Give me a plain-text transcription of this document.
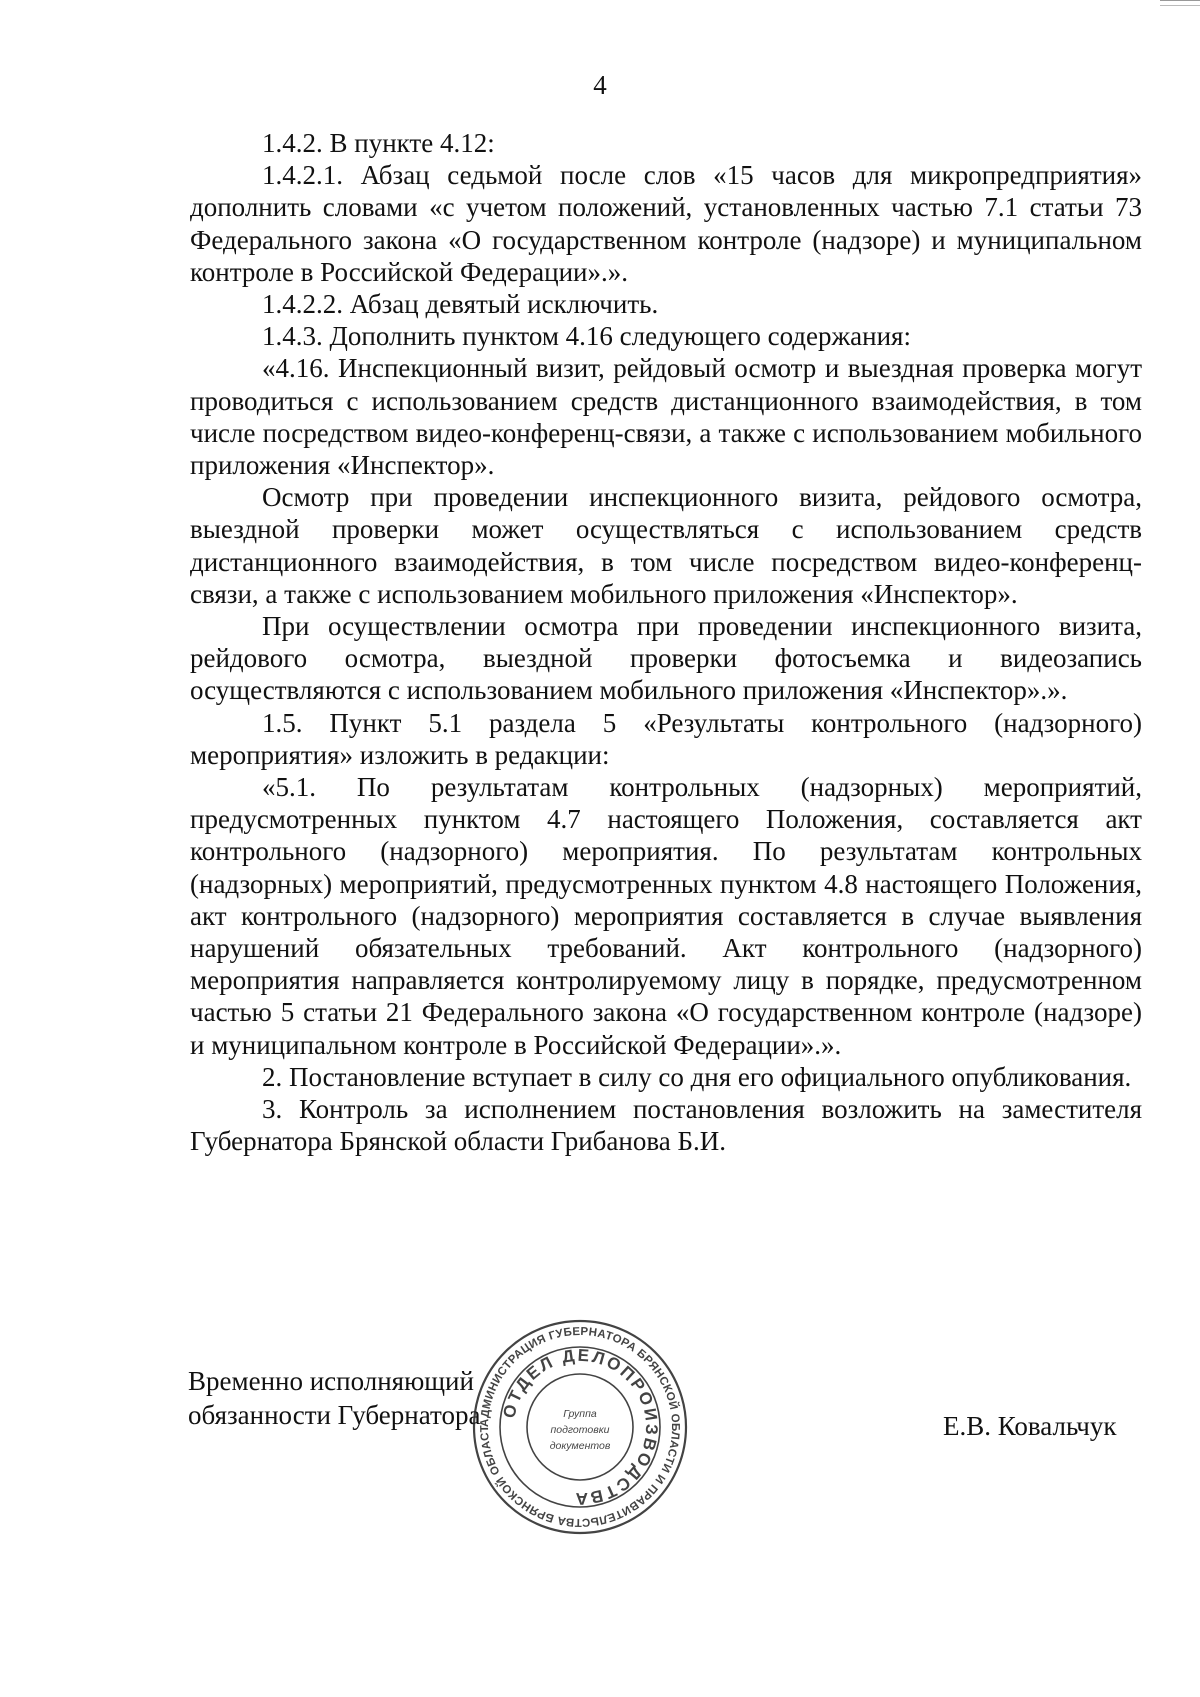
4

1.4.2. В пункте 4.12:

1.4.2.1. Абзац седьмой после слов «15 часов для микропредприятия» дополнить словами «с учетом положений, установленных частью 7.1 статьи 73 Федерального закона «О государственном контроле (надзоре) и муниципальном контроле в Российской Федерации».».

1.4.2.2. Абзац девятый исключить.

1.4.3. Дополнить пунктом 4.16 следующего содержания:

«4.16. Инспекционный визит, рейдовый осмотр и выездная проверка могут проводиться с использованием средств дистанционного взаимодействия, в том числе посредством видео-конференц-связи, а также с использованием мобильного приложения «Инспектор».

Осмотр при проведении инспекционного визита, рейдового осмотра, выездной проверки может осуществляться с использованием средств дистанционного взаимодействия, в том числе посредством видео-конференц-связи, а также с использованием мобильного приложения «Инспектор».

При осуществлении осмотра при проведении инспекционного визита, рейдового осмотра, выездной проверки фотосъемка и видеозапись осуществляются с использованием мобильного приложения «Инспектор».».

1.5. Пункт 5.1 раздела 5 «Результаты контрольного (надзорного) мероприятия» изложить в редакции:

«5.1. По результатам контрольных (надзорных) мероприятий, предусмотренных пунктом 4.7 настоящего Положения, составляется акт контрольного (надзорного) мероприятия. По результатам контрольных (надзорных) мероприятий, предусмотренных пунктом 4.8 настоящего Положения, акт контрольного (надзорного) мероприятия составляется в случае выявления нарушений обязательных требований. Акт контрольного (надзорного) мероприятия направляется контролируемому лицу в порядке, предусмотренном частью 5 статьи 21 Федерального закона «О государственном контроле (надзоре) и муниципальном контроле в Российской Федерации».».

2. Постановление вступает в силу со дня его официального опубликования.

3. Контроль за исполнением постановления возложить на заместителя Губернатора Брянской области Грибанова Б.И.

Временно исполняющий
обязанности Губернатора	Е.В. Ковальчук
АДМИНИСТРАЦИЯ ГУБЕРНАТОРА БРЯНСКОЙ ОБЛАСТИ И ПРАВИТЕЛЬСТВА БРЯНСКОЙ ОБЛАСТ
ОТДЕЛ ДЕЛОПРОИЗВОДСТВА
Группа
подготовки
документов
